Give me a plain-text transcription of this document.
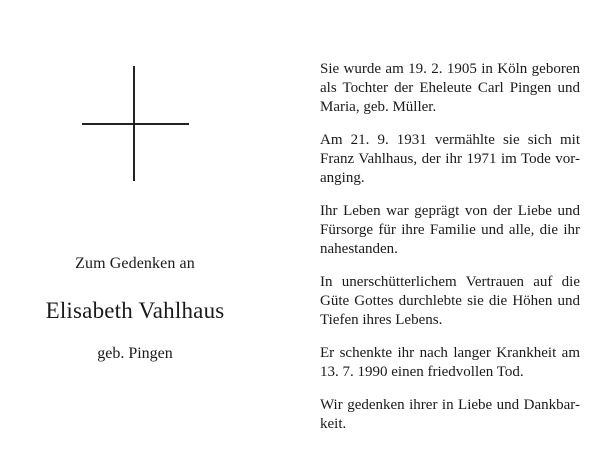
Zum Gedenken an
Elisabeth Vahlhaus
geb. Pingen
Sie wurde am 19. 2. 1905 in Köln geboren
als Tochter der Eheleute Carl Pingen und
Maria, geb. Müller.
Am 21. 9. 1931 vermählte sie sich mit
Franz Vahlhaus, der ihr 1971 im Tode vor-
anging.
Ihr Leben war geprägt von der Liebe und
Fürsorge für ihre Familie und alle, die ihr
nahestanden.
In unerschütterlichem Vertrauen auf die
Güte Gottes durchlebte sie die Höhen und
Tiefen ihres Lebens.
Er schenkte ihr nach langer Krankheit am
13. 7. 1990 einen friedvollen Tod.
Wir gedenken ihrer in Liebe und Dankbar-
keit.
